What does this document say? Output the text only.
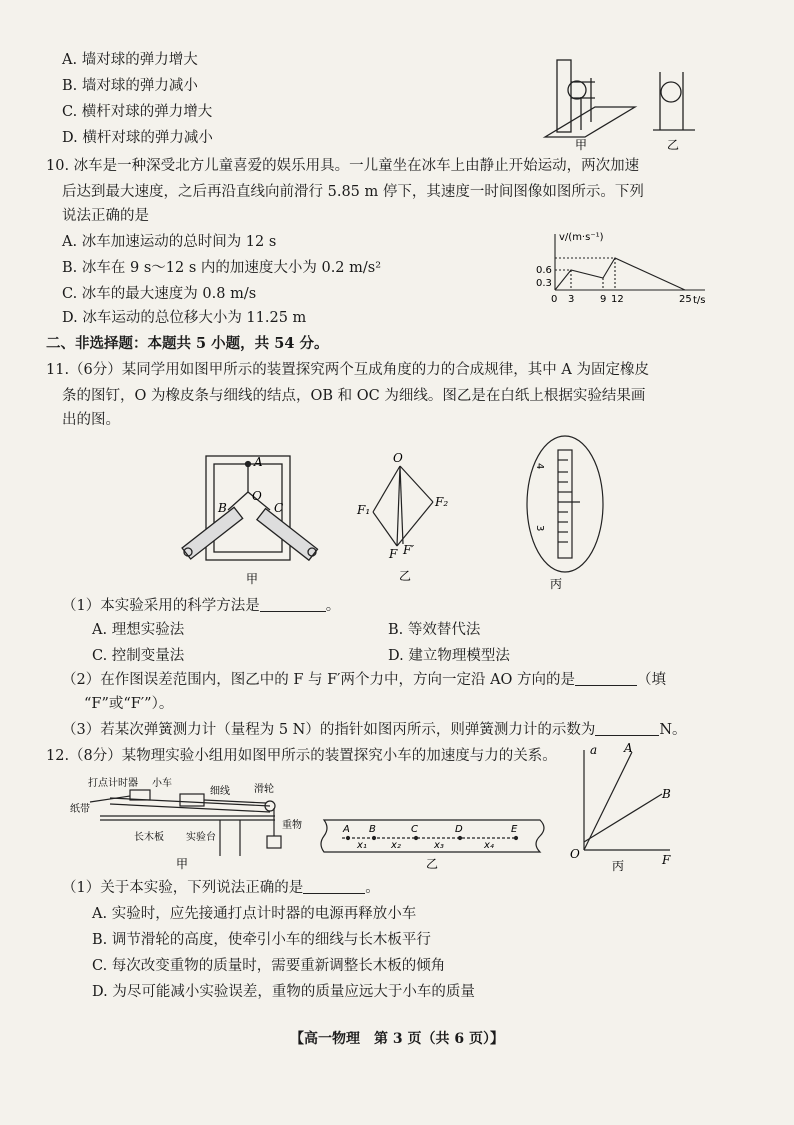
A. 墙对球的弹力增大
B. 墙对球的弹力减小
C. 横杆对球的弹力增大
D. 横杆对球的弹力减小	甲	乙
10. 冰车是一种深受北方儿童喜爱的娱乐用具。一儿童坐在冰车上由静止开始运动，两次加速
后达到最大速度，之后再沿直线向前滑行 5.85 m 停下，其速度一时间图像如图所示。下列
说法正确的是
A. 冰车加速运动的总时间为 12 s
B. 冰车在 9 s～12 s 内的加速度大小为 0.2 m/s²
C. 冰车的最大速度为 0.8 m/s
D. 冰车运动的总位移大小为 11.25 m
v/(m·s⁻¹)
t/s
0.6
0.3
0 3	9 12	25
二、非选择题：本题共 5 小题，共 54 分。
11.（6分）某同学用如图甲所示的装置探究两个互成角度的力的合成规律，其中 A 为固定橡皮
条的图钉，O 为橡皮条与细线的结点，OB 和 OC 为细线。图乙是在白纸上根据实验结果画
出的图。
A
O
B	C
甲
O
F₁
F₂
F F′
乙
4
3
丙
（1）本实验采用的科学方法是	。
A. 理想实验法	B. 等效替代法
C. 控制变量法	D. 建立物理模型法
（2）在作图误差范围内，图乙中的 F 与 F′两个力中，方向一定沿 AO 方向的是	（填
“F”或“F′”）。
（3）若某次弹簧测力计（量程为 5 N）的指针如图丙所示，则弹簧测力计的示数为	N。
12.（8分）某物理实验小组用如图甲所示的装置探究小车的加速度与力的关系。
打点计时器 小车
细线 滑轮
纸带
长木板 实验台
重物
甲
A B	C	D	E
x₁ x₂	x₃	x₄
乙
a
F
O
A
B
丙
（1）关于本实验，下列说法正确的是	。
A. 实验时，应先接通打点计时器的电源再释放小车
B. 调节滑轮的高度，使牵引小车的细线与长木板平行
C. 每次改变重物的质量时，需要重新调整长木板的倾角
D. 为尽可能减小实验误差，重物的质量应远大于小车的质量
【高一物理　第 3 页（共 6 页）】
